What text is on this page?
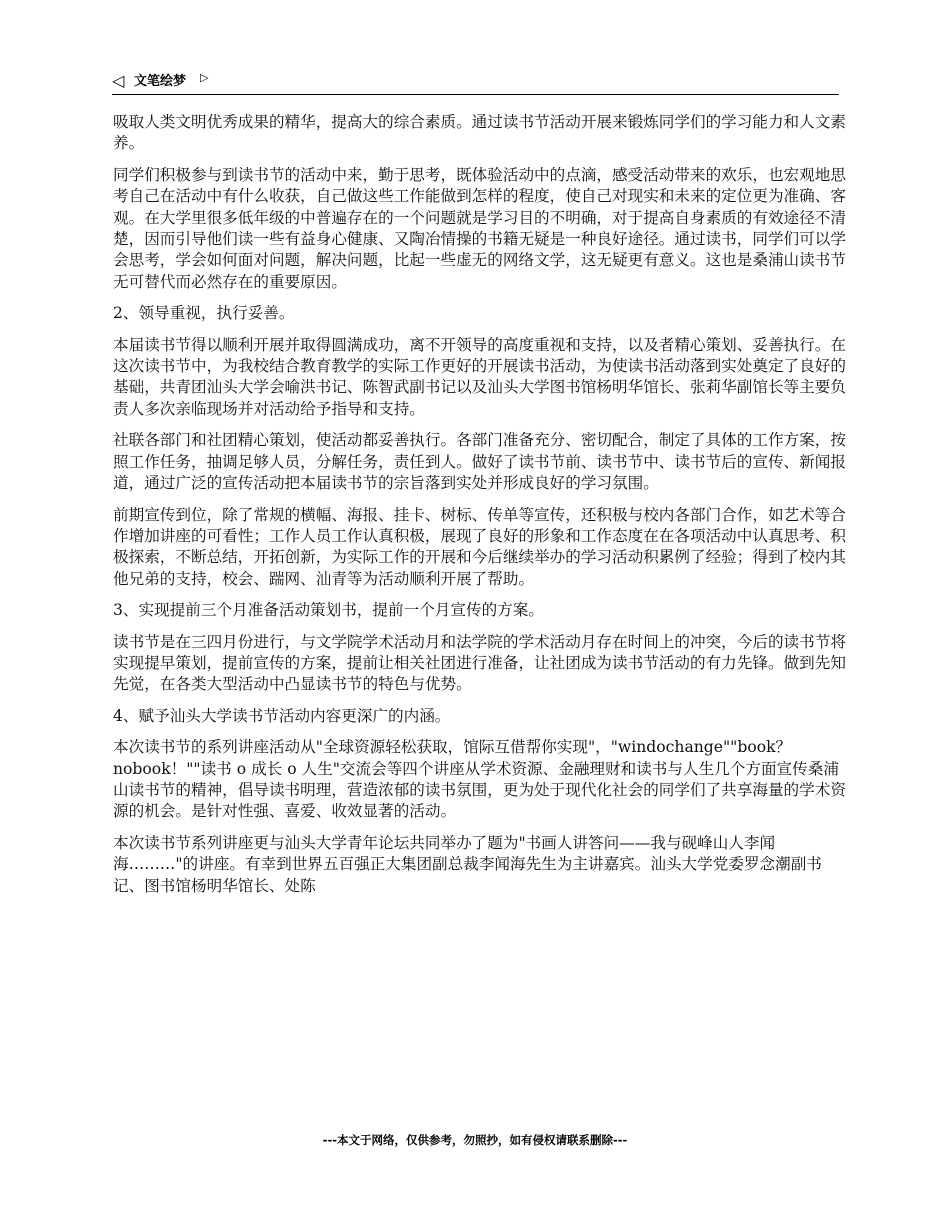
◁ 文笔绘梦 ▷

吸取人类文明优秀成果的精华，提高大的综合素质。通过读书节活动开展来锻炼同学们的学习能力和人文素养。

同学们积极参与到读书节的活动中来，勤于思考，既体验活动中的点滴，感受活动带来的欢乐，也宏观地思考自己在活动中有什么收获，自己做这些工作能做到怎样的程度，使自己对现实和未来的定位更为准确、客观。在大学里很多低年级的中普遍存在的一个问题就是学习目的不明确，对于提高自身素质的有效途径不清楚，因而引导他们读一些有益身心健康、又陶冶情操的书籍无疑是一种良好途径。通过读书，同学们可以学会思考，学会如何面对问题，解决问题，比起一些虚无的网络文学，这无疑更有意义。这也是桑浦山读书节无可替代而必然存在的重要原因。

2、领导重视，执行妥善。

本届读书节得以顺利开展并取得圆满成功，离不开领导的高度重视和支持，以及者精心策划、妥善执行。在这次读书节中，为我校结合教育教学的实际工作更好的开展读书活动，为使读书活动落到实处奠定了良好的基础，共青团汕头大学会喻洪书记、陈智武副书记以及汕头大学图书馆杨明华馆长、张莉华副馆长等主要负责人多次亲临现场并对活动给予指导和支持。

社联各部门和社团精心策划，使活动都妥善执行。各部门准备充分、密切配合，制定了具体的工作方案，按照工作任务，抽调足够人员，分解任务，责任到人。做好了读书节前、读书节中、读书节后的宣传、新闻报道，通过广泛的宣传活动把本届读书节的宗旨落到实处并形成良好的学习氛围。

前期宣传到位，除了常规的横幅、海报、挂卡、树标、传单等宣传，还积极与校内各部门合作，如艺术等合作增加讲座的可看性；工作人员工作认真积极，展现了良好的形象和工作态度在在各项活动中认真思考、积极探索，不断总结，开拓创新，为实际工作的开展和今后继续举办的学习活动积累例了经验；得到了校内其他兄弟的支持，校会、踹网、汕青等为活动顺利开展了帮助。

3、实现提前三个月准备活动策划书，提前一个月宣传的方案。

读书节是在三四月份进行，与文学院学术活动月和法学院的学术活动月存在时间上的冲突，今后的读书节将实现提早策划，提前宣传的方案，提前让相关社团进行准备，让社团成为读书节活动的有力先锋。做到先知先觉，在各类大型活动中凸显读书节的特色与优势。

4、赋予汕头大学读书节活动内容更深广的内涵。

本次读书节的系列讲座活动从"全球资源轻松获取，馆际互借帮你实现"，"windochange""book？nobook！""读书 o 成长 o 人生"交流会等四个讲座从学术资源、金融理财和读书与人生几个方面宣传桑浦山读书节的精神，倡导读书明理，营造浓郁的读书氛围，更为处于现代化社会的同学们了共享海量的学术资源的机会。是针对性强、喜爱、收效显著的活动。

本次读书节系列讲座更与汕头大学青年论坛共同举办了题为"书画人讲答问——我与砚峰山人李闻海………"的讲座。有幸到世界五百强正大集团副总裁李闻海先生为主讲嘉宾。汕头大学党委罗念潮副书记、图书馆杨明华馆长、处陈

---本文于网络，仅供参考，勿照抄，如有侵权请联系删除---
